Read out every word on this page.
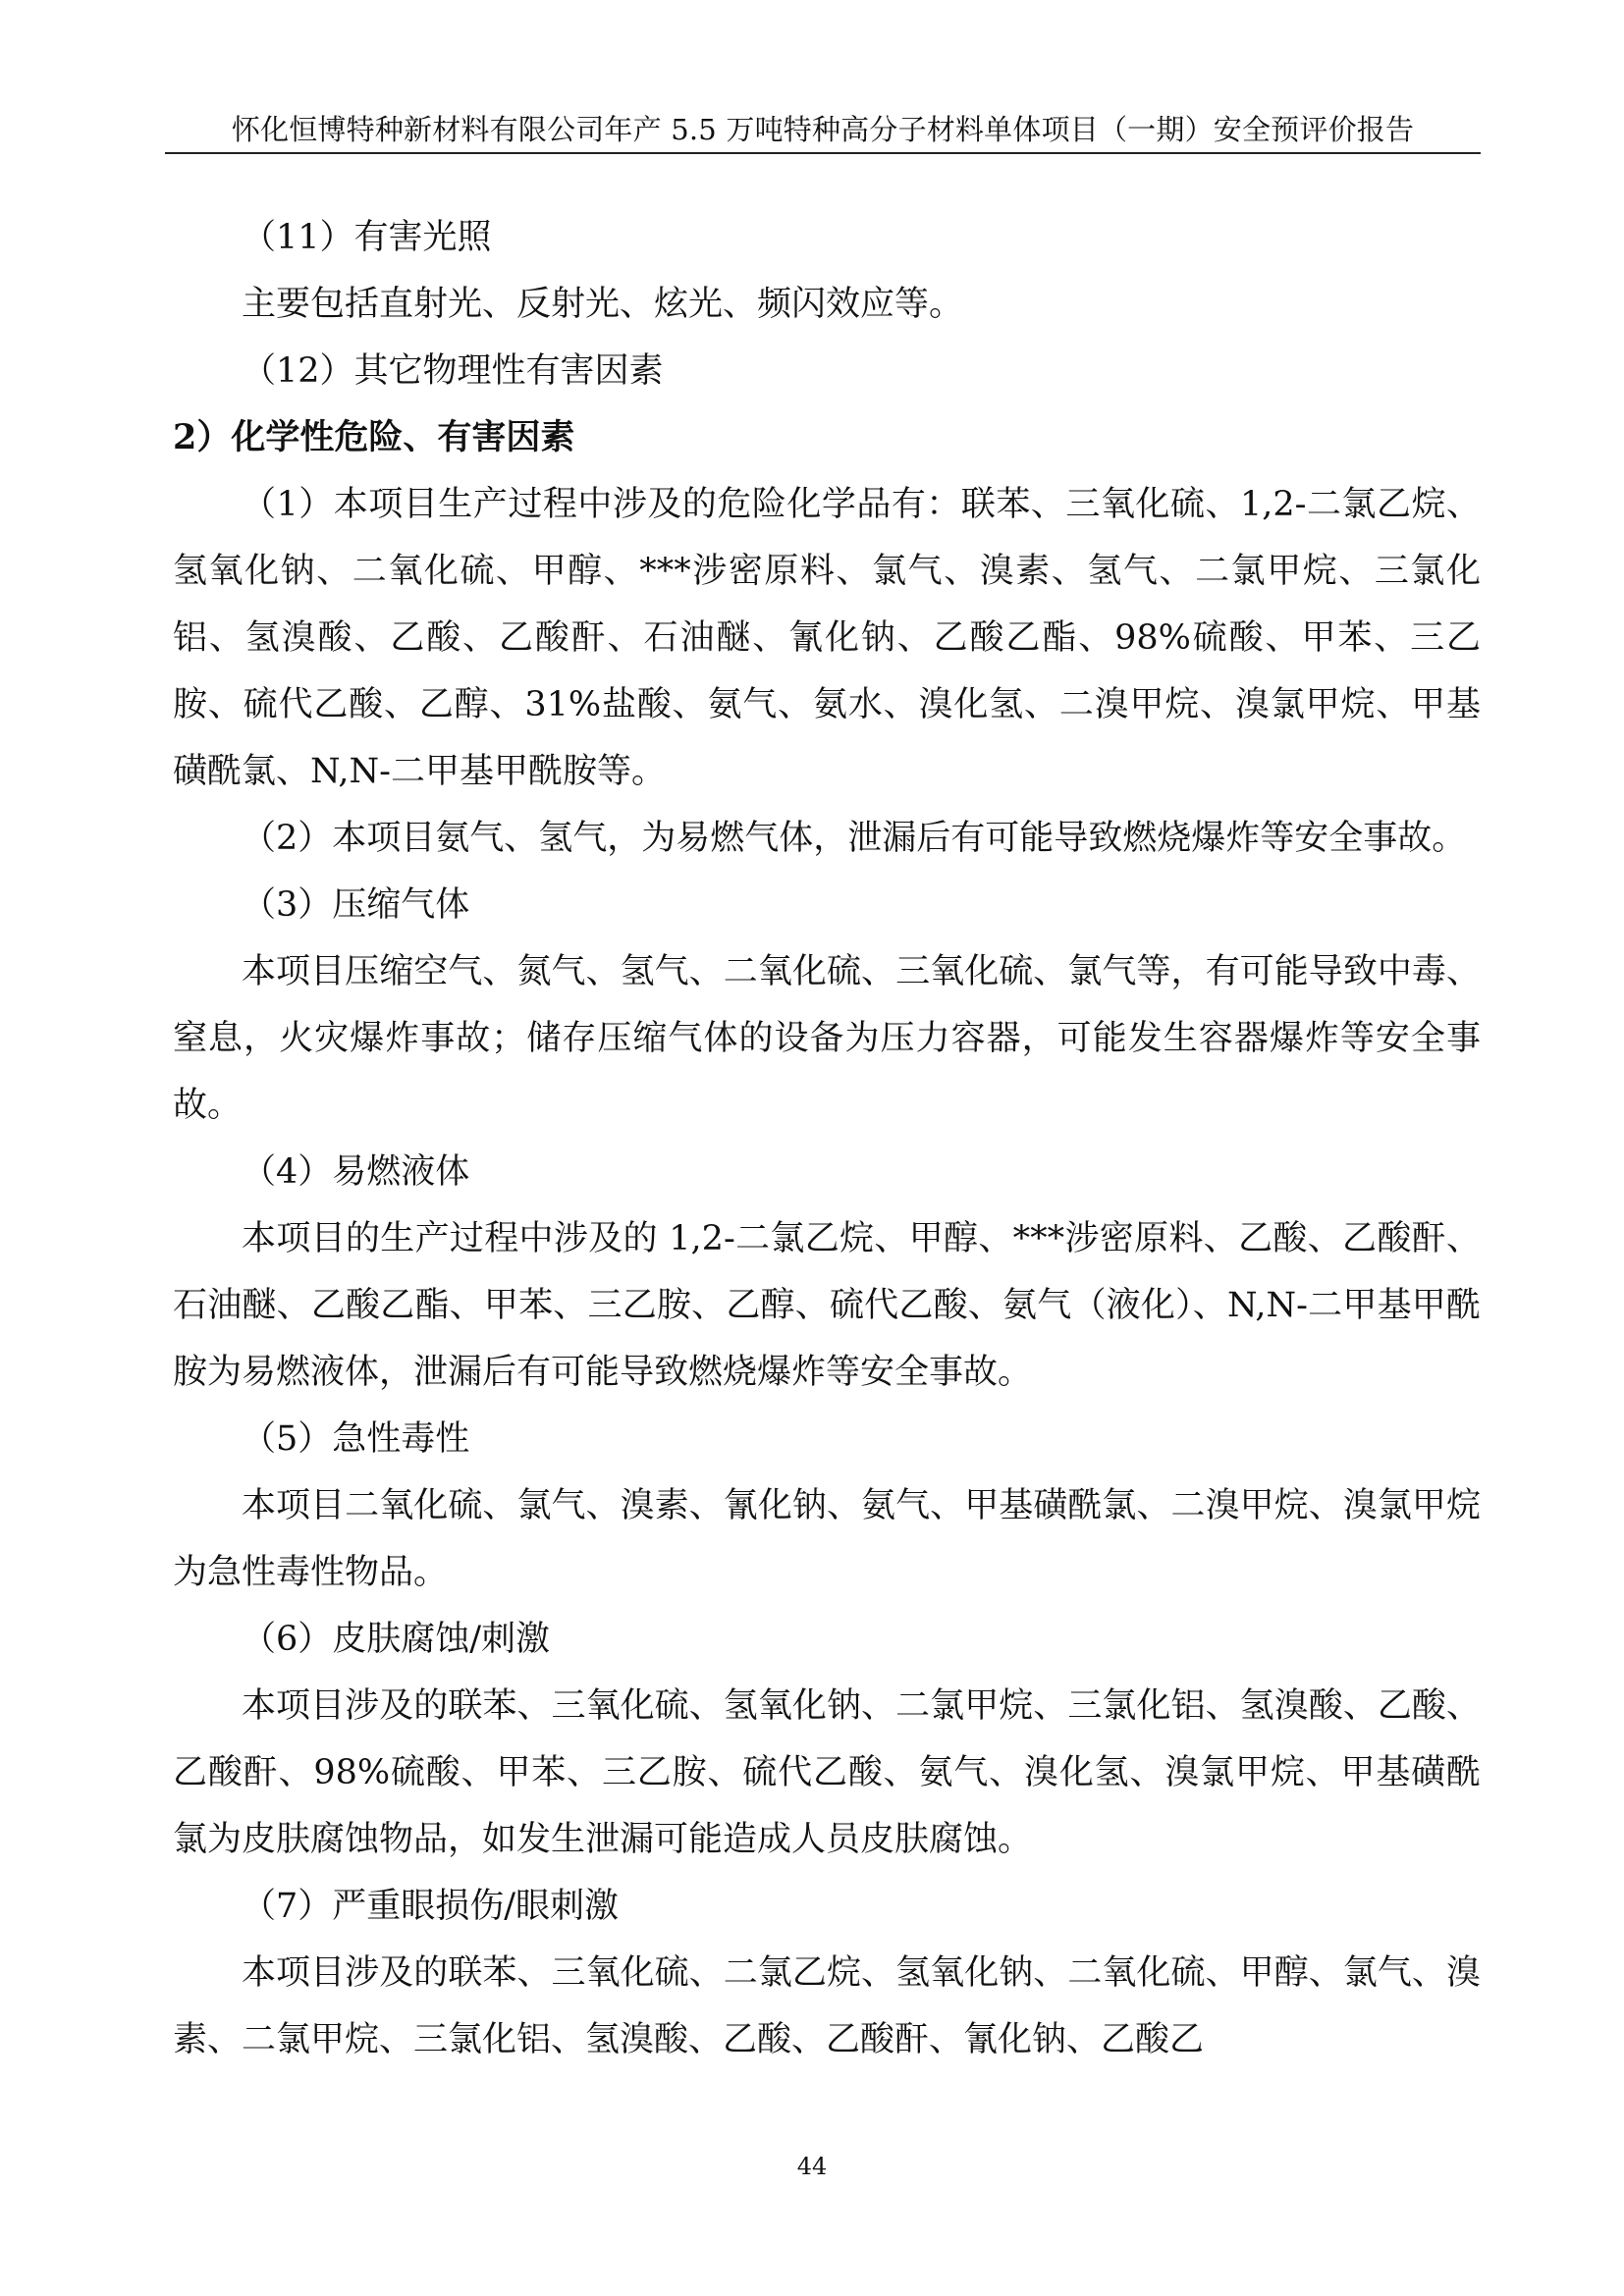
怀化恒博特种新材料有限公司年产 5.5 万吨特种高分子材料单体项目（一期）安全预评价报告

（11）有害光照

主要包括直射光、反射光、炫光、频闪效应等。

（12）其它物理性有害因素

2）化学性危险、有害因素

（1）本项目生产过程中涉及的危险化学品有：联苯、三氧化硫、1,2-二氯乙烷、氢氧化钠、二氧化硫、甲醇、***涉密原料、氯气、溴素、氢气、二氯甲烷、三氯化铝、氢溴酸、乙酸、乙酸酐、石油醚、氰化钠、乙酸乙酯、98%硫酸、甲苯、三乙胺、硫代乙酸、乙醇、31%盐酸、氨气、氨水、溴化氢、二溴甲烷、溴氯甲烷、甲基磺酰氯、N,N-二甲基甲酰胺等。

（2）本项目氨气、氢气，为易燃气体，泄漏后有可能导致燃烧爆炸等安全事故。

（3）压缩气体

本项目压缩空气、氮气、氢气、二氧化硫、三氧化硫、氯气等，有可能导致中毒、窒息，火灾爆炸事故；储存压缩气体的设备为压力容器，可能发生容器爆炸等安全事故。

（4）易燃液体

本项目的生产过程中涉及的 1,2-二氯乙烷、甲醇、***涉密原料、乙酸、乙酸酐、石油醚、乙酸乙酯、甲苯、三乙胺、乙醇、硫代乙酸、氨气（液化）、N,N-二甲基甲酰胺为易燃液体，泄漏后有可能导致燃烧爆炸等安全事故。

（5）急性毒性

本项目二氧化硫、氯气、溴素、氰化钠、氨气、甲基磺酰氯、二溴甲烷、溴氯甲烷为急性毒性物品。

（6）皮肤腐蚀/刺激

本项目涉及的联苯、三氧化硫、氢氧化钠、二氯甲烷、三氯化铝、氢溴酸、乙酸、乙酸酐、98%硫酸、甲苯、三乙胺、硫代乙酸、氨气、溴化氢、溴氯甲烷、甲基磺酰氯为皮肤腐蚀物品，如发生泄漏可能造成人员皮肤腐蚀。

（7）严重眼损伤/眼刺激

本项目涉及的联苯、三氧化硫、二氯乙烷、氢氧化钠、二氧化硫、甲醇、氯气、溴素、二氯甲烷、三氯化铝、氢溴酸、乙酸、乙酸酐、氰化钠、乙酸乙

44
